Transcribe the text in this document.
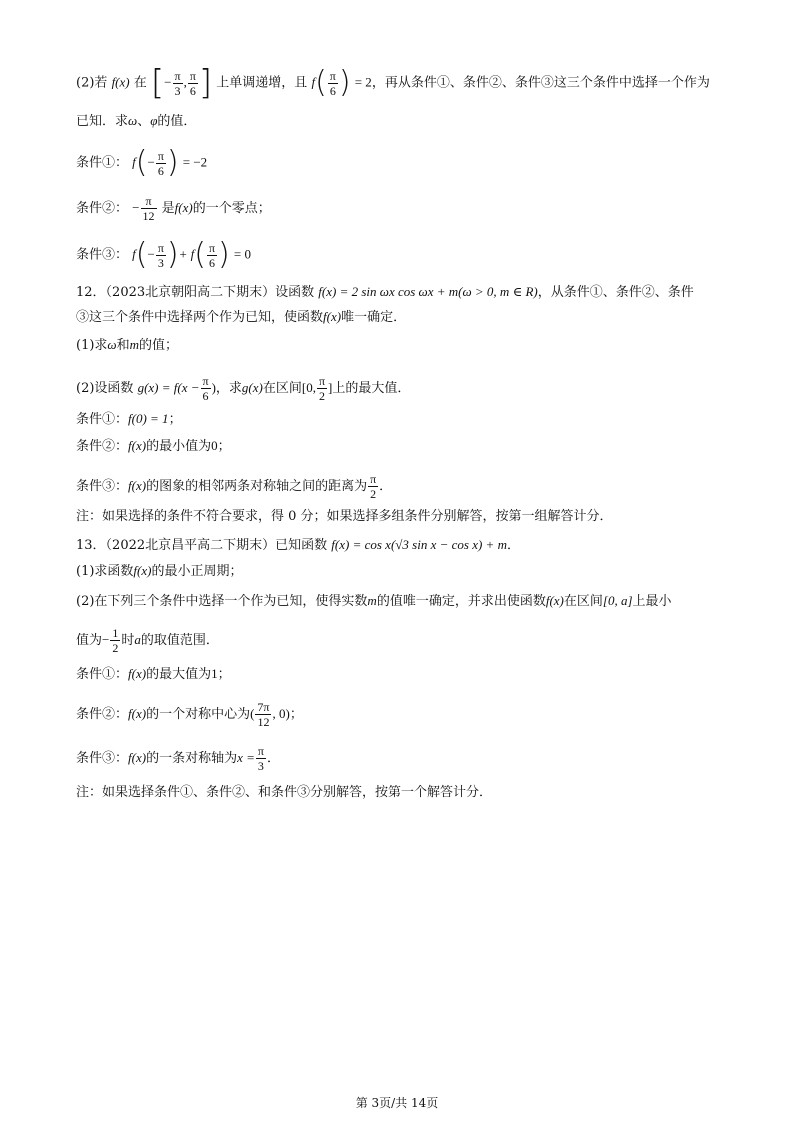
(2)若 f(x) 在 [− $\frac{\pi}{3}$ , $\frac{\pi}{6}$ ] 上单调递增，且 $f( \frac{\pi}{6}$ ) = 2，再从条件①、条件②、条件③这三个条件中选择一个作为
已知．求ω、φ的值．
条件①： $f(- \frac{\pi}{6}$ ) = −2
条件②： − $\frac{\pi}{12}$ 是f(x)的一个零点；
条件③： $f(- \frac{\pi}{3}$ )+ $f( \frac{\pi}{6}$ ) = 0
12．（2023北京朝阳高二下期末）设函数 f(x) = 2 sin ωx cos ωx + m(ω > 0, m ∈ R)，从条件①、条件②、条件
③这三个条件中选择两个作为已知，使函数f(x)唯一确定．
(1)求ω和m的值；
(2)设函数 $g(x) = f(x - \frac{\pi}{6}$ )，求g(x)在区间[0, $\frac{\pi}{2}$ ]上的最大值．
条件①：f(0) = 1；
条件②：f(x)的最小值为0；
条件③：f(x)的图象的相邻两条对称轴之间的距离为 $\frac{\pi}{2}$ ．
注：如果选择的条件不符合要求，得 0 分；如果选择多组条件分别解答，按第一组解答计分．
13．（2022北京昌平高二下期末）已知函数 f(x) = cos x(√3 sin x − cos x) + m．
(1)求函数f(x)的最小正周期；
(2)在下列三个条件中选择一个作为已知，使得实数m的值唯一确定，并求出使函数f(x)在区间[0, a]上最小
值为− $\frac{1}{2}$ 时a的取值范围．
条件①：f(x)的最大值为1；
条件②：f(x)的一个对称中心为( $\frac{7\pi}{12}$ , 0)；
条件③：f(x)的一条对称轴为$x = \frac{\pi}{3}$ ．
注：如果选择条件①、条件②、和条件③分别解答，按第一个解答计分．
第 3页/共 14页
